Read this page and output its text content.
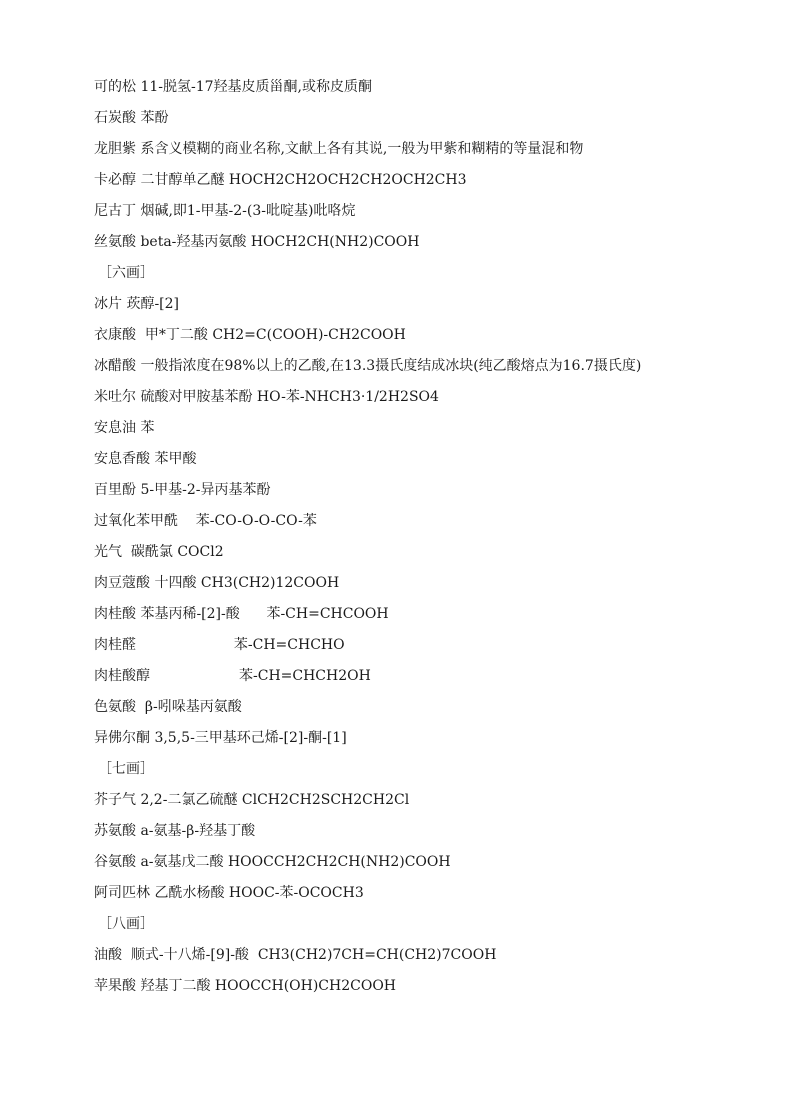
可的松 11-脱氢-17羟基皮质甾酮,或称皮质酮
石炭酸 苯酚
龙胆紫 系含义模糊的商业名称,文献上各有其说,一般为甲紫和糊精的等量混和物
卡必醇 二甘醇单乙醚 HOCH2CH2OCH2CH2OCH2CH3
尼古丁 烟碱,即1-甲基-2-(3-吡啶基)吡咯烷
丝氨酸 beta-羟基丙氨酸 HOCH2CH(NH2)COOH
［六画］
冰片 莰醇-[2]
衣康酸  甲*丁二酸 CH2=C(COOH)-CH2COOH
冰醋酸 一般指浓度在98%以上的乙酸,在13.3摄氏度结成冰块(纯乙酸熔点为16.7摄氏度)
米吐尔 硫酸对甲胺基苯酚 HO-苯-NHCH3·1/2H2SO4
安息油 苯
安息香酸 苯甲酸
百里酚 5-甲基-2-异丙基苯酚
过氧化苯甲酰    苯-CO-O-O-CO-苯
光气  碳酰氯 COCl2
肉豆蔻酸 十四酸 CH3(CH2)12COOH
肉桂酸 苯基丙稀-[2]-酸      苯-CH=CHCOOH
肉桂醛                      苯-CH=CHCHO
肉桂酸醇                    苯-CH=CHCH2OH
色氨酸  β-吲哚基丙氨酸
异佛尔酮 3,5,5-三甲基环己烯-[2]-酮-[1]
［七画］
芥子气 2,2-二氯乙硫醚 ClCH2CH2SCH2CH2Cl
苏氨酸 a-氨基-β-羟基丁酸
谷氨酸 a-氨基戊二酸 HOOCCH2CH2CH(NH2)COOH
阿司匹林 乙酰水杨酸 HOOC-苯-OCOCH3
［八画］
油酸  顺式-十八烯-[9]-酸  CH3(CH2)7CH=CH(CH2)7COOH
苹果酸 羟基丁二酸 HOOCCH(OH)CH2COOH
